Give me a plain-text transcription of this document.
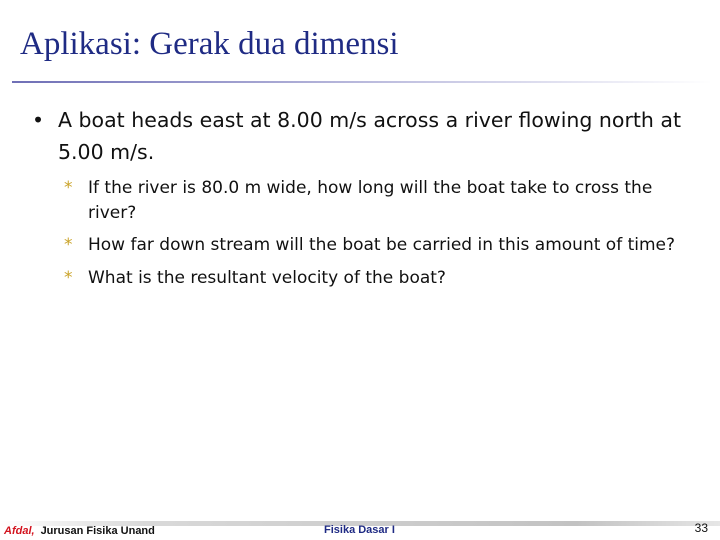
Aplikasi: Gerak dua dimensi
• A boat heads east at 8.00 m/s across a river flowing north at 5.00 m/s.
* If the river is 80.0 m wide, how long will the boat take to cross the river?
* How far down stream will the boat be carried in this amount of time?
* What is the resultant velocity of the boat?
Afdal, Jurusan Fisika Unand	Fisika Dasar I	33
